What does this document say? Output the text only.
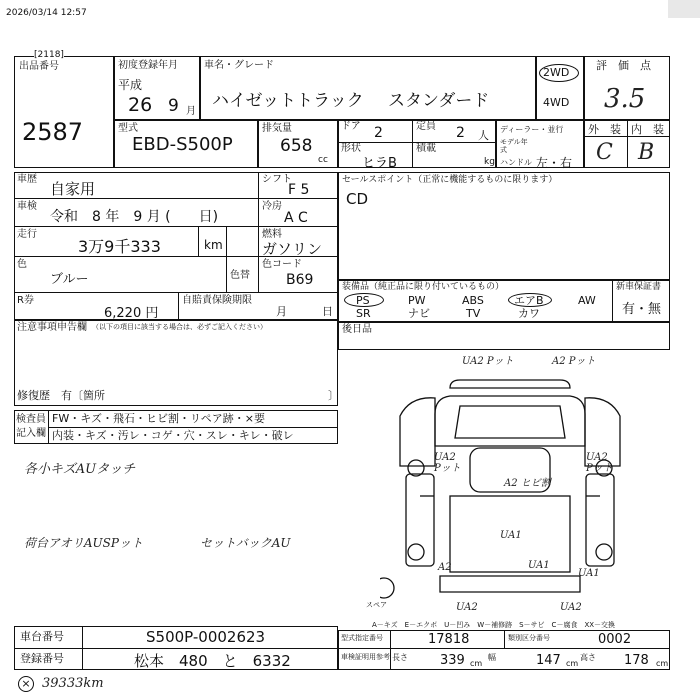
2026/03/14 12:57
[2118]
出品番号
2587
初度登録年月
平成
26 9 月
車名・グレード
ハイゼットトラック スタンダード
2WD
4WD
評　価　点
3.5
型式
EBD-S500P
排気量
658
cc
ドア 2	定員 2 人
形状
ヒラB
積載
kg
ディーラー・並行
モデル年式
ハンドル 左・右
外　装 内　装
C B
車歴
自家用
車検
令和　8 年　9 月 (　　日)
走行
3万9千333	km
色
ブルー	色替
シフト
F 5
冷房
A C
燃料
ガソリン
色コード
B69
R券
6,220 円
自賠責保険期限
月	日
セールスポイント（正常に機能するものに限ります）
CD
装備品（純正品に限り付いているもの）	新車保証書
有・無
PS	PW	ABS	エアB	AW
SR	ナビ	TV	カワ
注意事項申告欄 （以下の項目に該当する場合は、必ずご記入ください）
修復歴　有〔箇所	〕
後日品
検査員
記入欄
FW・キズ・飛石・ヒビ割・リペア跡・×要
内装・キズ・汚レ・コゲ・穴・スレ・キレ・破レ
各小キズAUタッチ
荷台アオリAUSPット	セットバックAU
UA2 Pット	A2 Pット
UA2 Pット
UA2 Pット
A2 ヒビ割
A2	UA1
UA1
UA1
UA2	UA2
スペア
A－キズ　E－エクボ　U－凹み　W－補修跡　S－サビ　C－腐食　XX－交換
車台番号	S500P-0002623
登録番号	松本　480　と　6332
型式指定番号	17818	類別区分番号	0002
車検証明用参考 長さ 339 cm
幅	147 cm
高さ 178 cm
× 39333km
